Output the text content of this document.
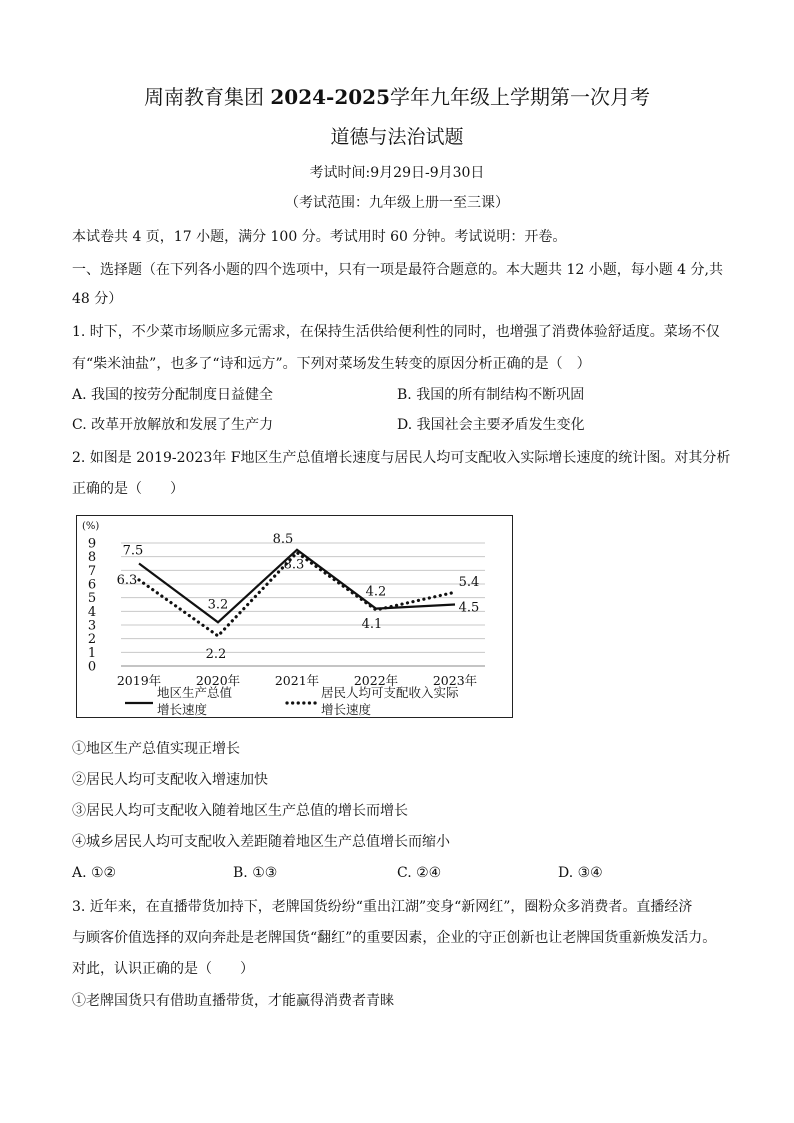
周南教育集团 2024-2025学年九年级上学期第一次月考
道德与法治试题
考试时间:9月29日-9月30日
（考试范围：九年级上册一至三课）
本试卷共 4 页，17 小题，满分 100 分。考试用时 60 分钟。考试说明：开卷。
一、选择题（在下列各小题的四个选项中，只有一项是最符合题意的。本大题共 12 小题，每小题 4 分,共
48 分）
1. 时下，不少菜市场顺应多元需求，在保持生活供给便利性的同时，也增强了消费体验舒适度。菜场不仅
有“柴米油盐”，也多了“诗和远方”。下列对菜场发生转变的原因分析正确的是（　）
A. 我国的按劳分配制度日益健全	B. 我国的所有制结构不断巩固
C. 改革开放解放和发展了生产力	D. 我国社会主要矛盾发生变化
2. 如图是 2019-2023年 F地区生产总值增长速度与居民人均可支配收入实际增长速度的统计图。对其分析
正确的是（　　）
(%)
0
1
2
3
4
5
6
7
8
9
2019年	2020年	2021年	2022年	2023年
7.5
3.2
8.5
4.2
4.5
6.3
2.2
8.3
4.1
5.4
地区生产总值
增长速度
居民人均可支配收入实际
增长速度
①地区生产总值实现正增长
②居民人均可支配收入增速加快
③居民人均可支配收入随着地区生产总值的增长而增长
④城乡居民人均可支配收入差距随着地区生产总值增长而缩小
A. ①②	B. ①③	C. ②④	D. ③④
3. 近年来，在直播带货加持下，老牌国货纷纷“重出江湖”变身“新网红”，圈粉众多消费者。直播经济
与顾客价值选择的双向奔赴是老牌国货“翻红”的重要因素，企业的守正创新也让老牌国货重新焕发活力。
对此，认识正确的是（　　）
①老牌国货只有借助直播带货，才能赢得消费者青睐
